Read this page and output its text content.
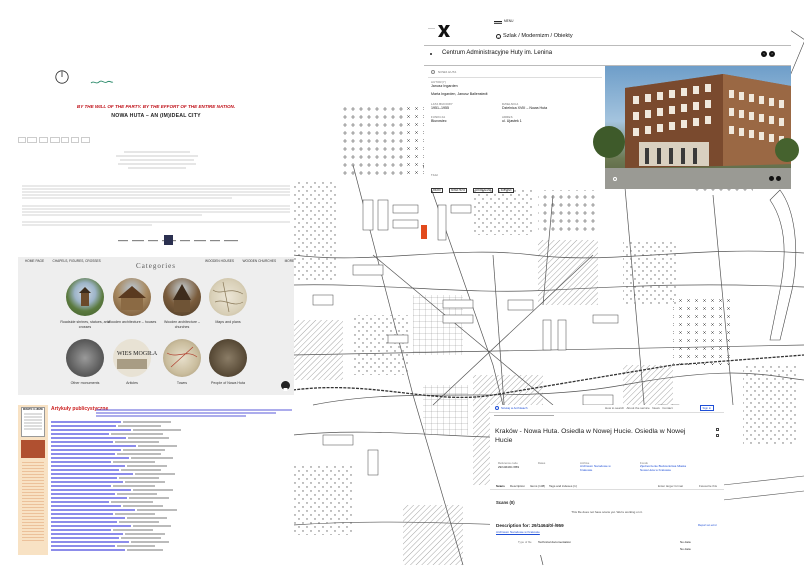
BY THE WILL OF THE PARTY. BY THE EFFORT OF THE ENTIRE NATION.
NOWA HUTA – AN (IM)IDEAL CITY

HOME PAGE	CHAPELS, FIGURES, CROSSES	WOODEN HOUSES	WOODEN CHURCHES	MORE
Categories
Roadside shrines, statues, and crosses
Wooden architecture – houses	Wooden architecture – churches
Maps and plans
Other monuments
WIES MOGIŁA
Articles	Towns	People of Nowa Huta
MIASTO I LUDZIE Artykuły publicystyczne
MENU
‹ Szlak / Modernizm / Obiekty
Centrum Administracyjne Huty im. Lenina	‹	›
NOWA HUTA
AUTOR(Y)
Janusz Ingarden
Marta Ingarden, Janusz Ballenstedt
LATA BUDOWY
1951–1955
DZIELNICA
Dzielnica XVIII – Nowa Huta
FUNKCJA
Biurowiec
ADRES
ul. Ujastek 1
TAGI
BIURO	NOWA HUTA	SOCREALIZM	ZABYTEK
Szukaj w Archiwach	How to search About the service News Contact	Sign in
Kraków - Nowa Huta. Osiedla w Nowej Hucie. Osiedla w Nowej Hucie
Reference code
29/1464/0/-/959
Dates	Archive
Archiwum Narodowe w Krakowie
Fonds
Zjednoczenie Budownictwa Miasta Nowa Huta w Krakowie
Scans Description Items (138) Tags and indexes (1)	Enter larger format	Favourite this
Scans (0)
This file does not have scans yet. We're working on it.
Description for: 29/1464/0/-/959	Report an error
Archiwum Narodowe w Krakowie
No data
Type of file Technical documentation
No data
